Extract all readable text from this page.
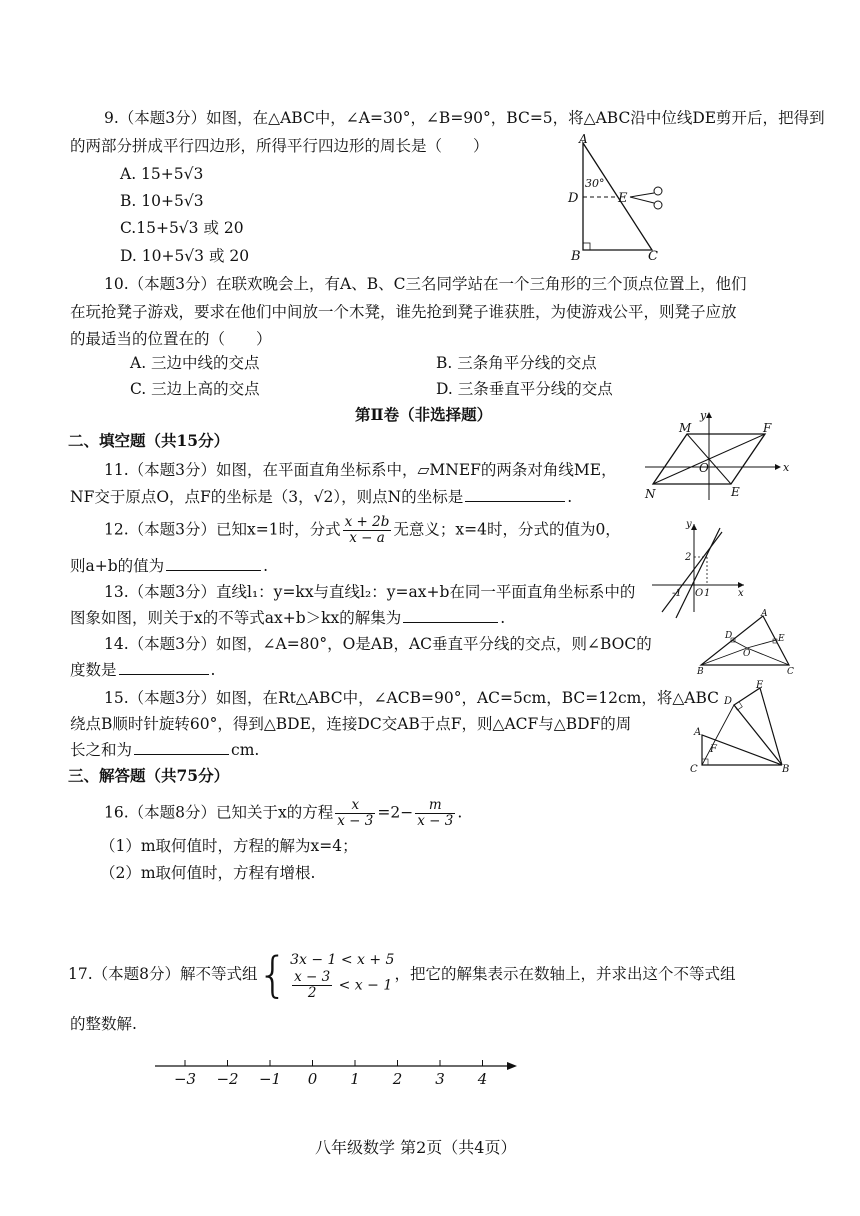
9.（本题3分）如图，在△ABC中，∠A=30°，∠B=90°，BC=5，将△ABC沿中位线DE剪开后，把得到
的两部分拼成平行四边形，所得平行四边形的周长是（　　）
A. 15+5√3
B. 10+5√3
C.15+5√3 或 20
D. 10+5√3 或 20
A
30°
D	E
B	C
10.（本题3分）在联欢晚会上，有A、B、C三名同学站在一个三角形的三个顶点位置上，他们
在玩抢凳子游戏，要求在他们中间放一个木凳，谁先抢到凳子谁获胜，为使游戏公平，则凳子应放
的最适当的位置在的（　　）
A. 三边中线的交点	B. 三条角平分线的交点
C. 三边上高的交点	D. 三条垂直平分线的交点
第Ⅱ卷（非选择题）
二、填空题（共15分）
y
M	F
O	x
N	E
11.（本题3分）如图，在平面直角坐标系中，▱MNEF的两条对角线ME，
NF交于原点O，点F的坐标是（3，√2），则点N的坐标是	.
12.（本题3分）已知x=1时，分式 $\frac{x + 2b}{x - a}$ 无意义；x=4时，分式的值为0，
则a+b的值为	.
y
2
-1 O 1	x
13.（本题3分）直线l₁：y=kx与直线l₂：y=ax+b在同一平面直角坐标系中的
图象如图，则关于x的不等式ax+b＞kx的解集为	.	A
D	E
O
B	C
14.（本题3分）如图，∠A=80°，O是AB，AC垂直平分线的交点，则∠BOC的
度数是	.
E
D
A
F
C	B
15.（本题3分）如图，在Rt△ABC中，∠ACB=90°，AC=5cm，BC=12cm，将△ABC
绕点B顺时针旋转60°，得到△BDE，连接DC交AB于点F，则△ACF与△BDF的周
长之和为	cm.
三、解答题（共75分）
16.（本题8分）已知关于x的方程 $\frac{x}{x - 3} =2- \frac{m}{x - 3}$ .
（1）m取何值时，方程的解为x=4；
（2）m取何值时，方程有增根.
17.（本题8分）解不等式组{ 3x − 1 < x + 5
$\frac{x - 3}{2} < x - 1$
，把它的解集表示在数轴上，并求出这个不等式组
的整数解.
−3 −2 −1 0 1 2 3 4
八年级数学 第2页（共4页）
